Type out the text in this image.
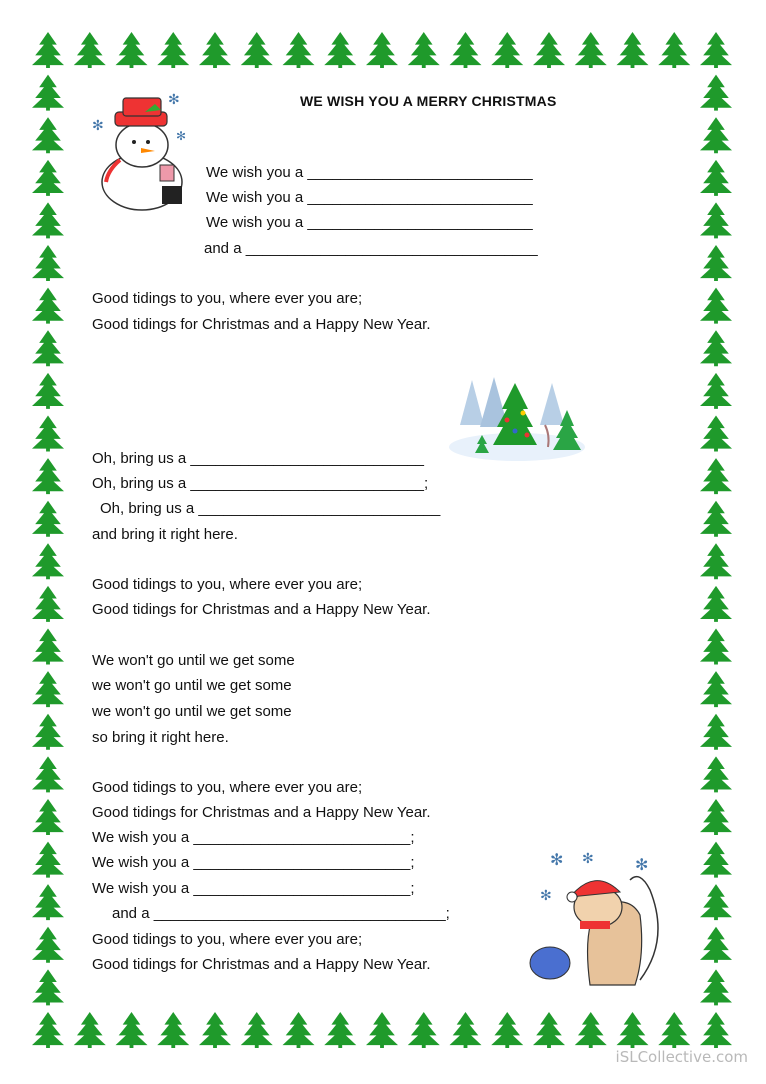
✻
✻
✻
✻ ✻	✻
✻
WE WISH YOU A MERRY CHRISTMAS
We wish you a ___________________________
We wish you a ___________________________
We wish you a ___________________________
and a ___________________________________
Good tidings to you, where ever you are;
Good tidings for Christmas and a Happy New Year.
Oh, bring us a ____________________________
Oh, bring us a ____________________________;
Oh, bring us a _____________________________
and bring it right here.
Good tidings to you, where ever you are;
Good tidings for Christmas and a Happy New Year.
We won't go until we get some
we won't go until we get some
we won't go until we get some
so bring it right here.
Good tidings to you, where ever you are;
Good tidings for Christmas and a Happy New Year.
We wish you a __________________________;
We wish you a __________________________;
We wish you a __________________________;
and a ___________________________________;
Good tidings to you, where ever you are;
Good tidings for Christmas and a Happy New Year.
iSLCollective.com
